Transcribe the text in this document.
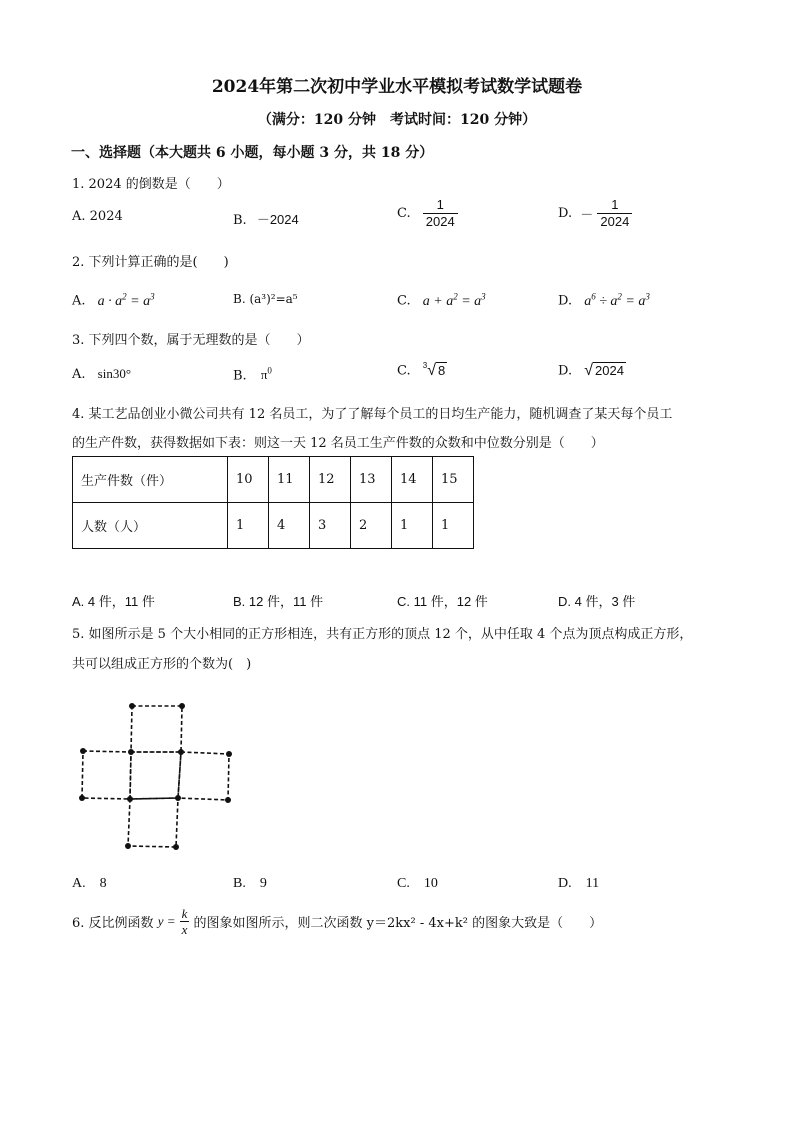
2024年第二次初中学业水平模拟考试数学试题卷
（满分：120 分钟　考试时间：120 分钟）
一、选择题（本大题共 6 小题，每小题 3 分，共 18 分）
1. 2024 的倒数是（　　）
A. 2024	B. －2024	C. $\frac{1}{2024}$	D. － $\frac{1}{2024}$
2. 下列计算正确的是(　　)
A. $a \cdot a^2 = a^3$	B. (a³)²=a⁵	C. $a + a^2 = a^3$	D. $a^6 \div a^2 = a^3$
3. 下列四个数，属于无理数的是（　　）
A. sin30°	B. $\pi^0$	C. $^3$√ 8	D. √ 2024
4. 某工艺品创业小微公司共有 12 名员工，为了了解每个员工的日均生产能力，随机调查了某天每个员工
的生产件数，获得数据如下表：则这一天 12 名员工生产件数的众数和中位数分别是（　　）
生产件数（件）	10	11	12	13	14	15
人数（人）	1	4	3	2	1	1
A. 4 件，11 件	B. 12 件，11 件	C. 11 件，12 件	D. 4 件，3 件
5. 如图所示是 5 个大小相同的正方形相连，共有正方形的顶点 12 个，从中任取 4 个点为顶点构成正方形，
共可以组成正方形的个数为(　)
A.　8	B.　9	C.　10	D.　11
6. 反比例函数 $y = \frac{k}{x}$ 的图象如图所示，则二次函数 y＝2kx² - 4x+k² 的图象大致是（　　）
